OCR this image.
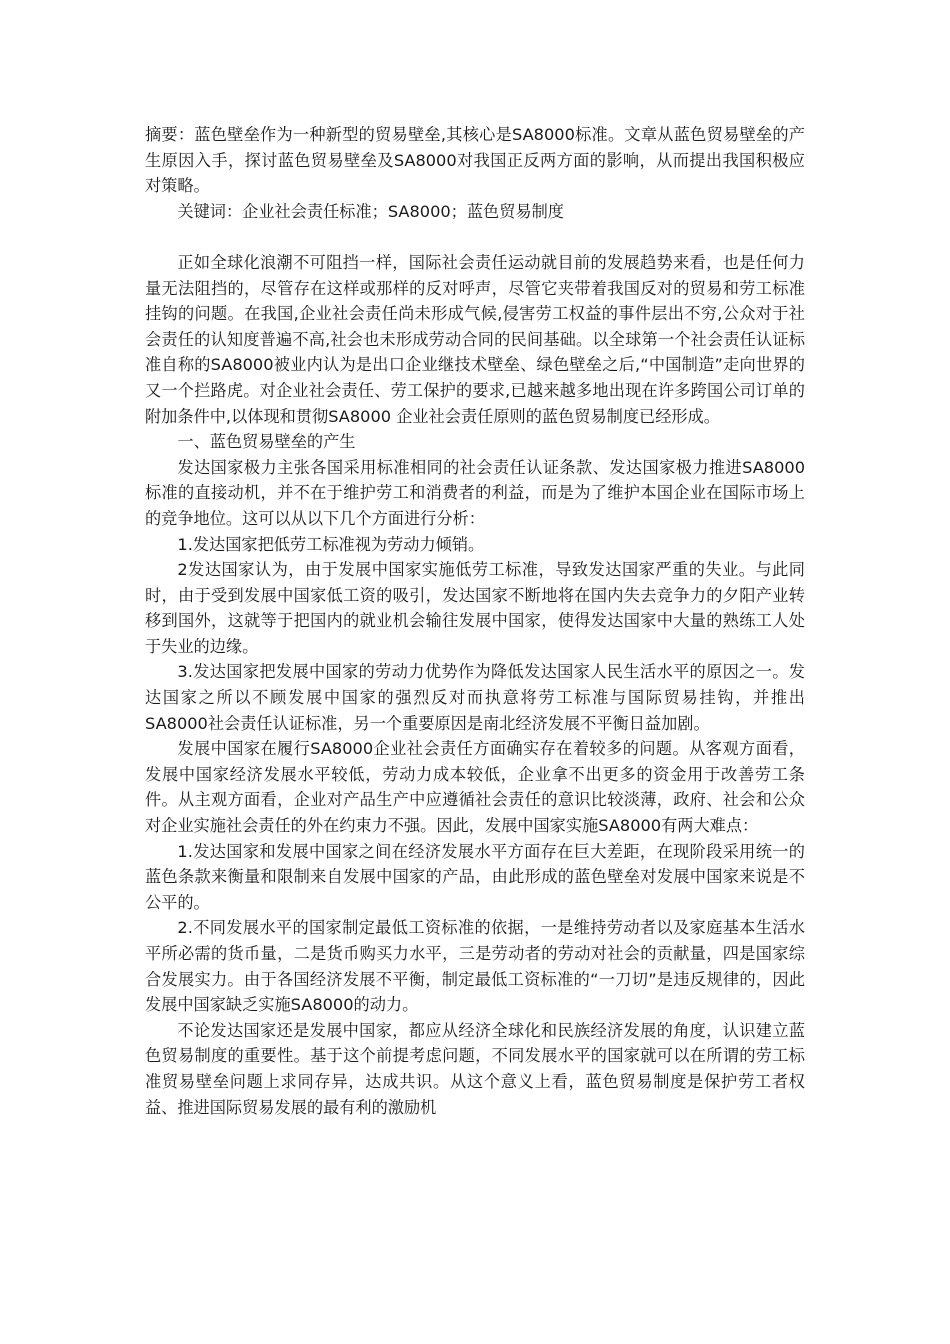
摘要：蓝色壁垒作为一种新型的贸易壁垒,其核心是SA8000标准。文章从蓝色贸易壁垒的产生原因入手，探讨蓝色贸易壁垒及SA8000对我国正反两方面的影响，从而提出我国积极应对策略。

关键词：企业社会责任标准；SA8000；蓝色贸易制度

正如全球化浪潮不可阻挡一样，国际社会责任运动就目前的发展趋势来看，也是任何力量无法阻挡的，尽管存在这样或那样的反对呼声，尽管它夹带着我国反对的贸易和劳工标准挂钩的问题。在我国,企业社会责任尚未形成气候,侵害劳工权益的事件层出不穷,公众对于社会责任的认知度普遍不高,社会也未形成劳动合同的民间基础。以全球第一个社会责任认证标准自称的SA8000被业内认为是出口企业继技术壁垒、绿色壁垒之后,“中国制造”走向世界的又一个拦路虎。对企业社会责任、劳工保护的要求,已越来越多地出现在许多跨国公司订单的附加条件中,以体现和贯彻SA8000 企业社会责任原则的蓝色贸易制度已经形成。

一、蓝色贸易壁垒的产生

发达国家极力主张各国采用标准相同的社会责任认证条款、发达国家极力推进SA8000标准的直接动机，并不在于维护劳工和消费者的利益，而是为了维护本国企业在国际市场上的竞争地位。这可以从以下几个方面进行分析：

1.发达国家把低劳工标准视为劳动力倾销。

2发达国家认为，由于发展中国家实施低劳工标准，导致发达国家严重的失业。与此同时，由于受到发展中国家低工资的吸引，发达国家不断地将在国内失去竞争力的夕阳产业转移到国外，这就等于把国内的就业机会输往发展中国家，使得发达国家中大量的熟练工人处于失业的边缘。

3.发达国家把发展中国家的劳动力优势作为降低发达国家人民生活水平的原因之一。发达国家之所以不顾发展中国家的强烈反对而执意将劳工标准与国际贸易挂钩，并推出SA8000社会责任认证标准，另一个重要原因是南北经济发展不平衡日益加剧。

发展中国家在履行SA8000企业社会责任方面确实存在着较多的问题。从客观方面看，发展中国家经济发展水平较低，劳动力成本较低，企业拿不出更多的资金用于改善劳工条件。从主观方面看，企业对产品生产中应遵循社会责任的意识比较淡薄，政府、社会和公众对企业实施社会责任的外在约束力不强。因此，发展中国家实施SA8000有两大难点：

1.发达国家和发展中国家之间在经济发展水平方面存在巨大差距，在现阶段采用统一的蓝色条款来衡量和限制来自发展中国家的产品，由此形成的蓝色壁垒对发展中国家来说是不公平的。

2.不同发展水平的国家制定最低工资标准的依据，一是维持劳动者以及家庭基本生活水平所必需的货币量，二是货币购买力水平，三是劳动者的劳动对社会的贡献量，四是国家综合发展实力。由于各国经济发展不平衡，制定最低工资标准的“一刀切”是违反规律的，因此发展中国家缺乏实施SA8000的动力。

不论发达国家还是发展中国家，都应从经济全球化和民族经济发展的角度，认识建立蓝色贸易制度的重要性。基于这个前提考虑问题，不同发展水平的国家就可以在所谓的劳工标准贸易壁垒问题上求同存异，达成共识。从这个意义上看，蓝色贸易制度是保护劳工者权益、推进国际贸易发展的最有利的激励机
